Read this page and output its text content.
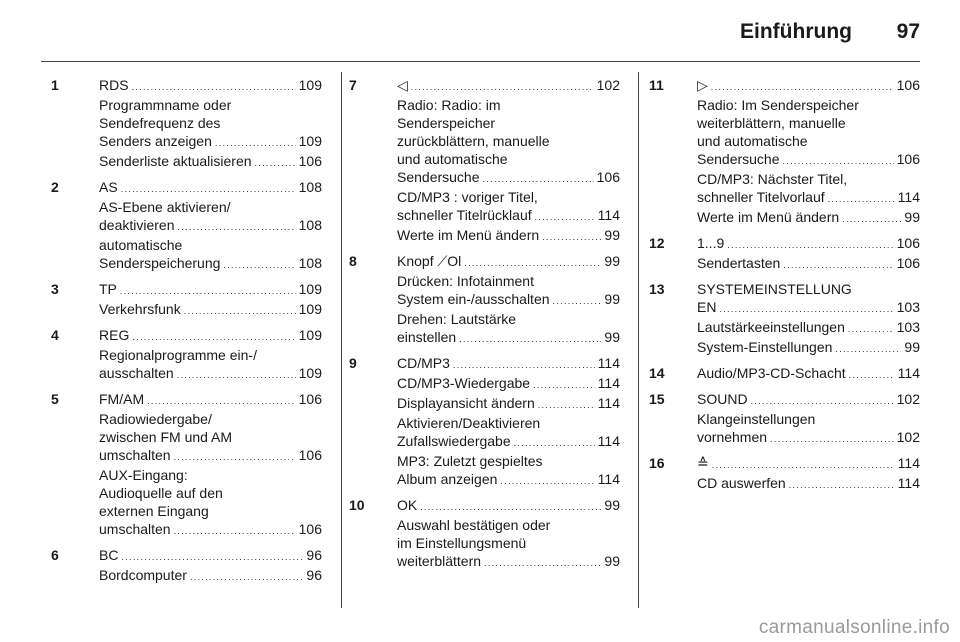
Einführung	97
1	RDS . . .	109
Programmname oder
Sendefrequenz des
Senders anzeigen . . .	109
Senderliste aktualisieren . . .	106
2	AS . . .	108
AS-Ebene aktivieren/
deaktivieren . . .	108
automatische
Senderspeicherung . . .	108
3	TP . . .	109
Verkehrsfunk . . .	109
4	REG . . .	109
Regionalprogramme ein-/
ausschalten . . .	109
5	FM/AM . . .	106
Radiowiedergabe/
zwischen FM und AM
umschalten . . .	106
AUX-Eingang:
Audioquelle auf den
externen Eingang
umschalten . . .	106
6	BC . . .	96
Bordcomputer . . .	96
7	◁ . . .	102
Radio: Radio: im
Senderspeicher
zurückblättern, manuelle
und automatische
Sendersuche . . .	106
CD/MP3 : voriger Titel,
schneller Titelrücklauf . . .	114
Werte im Menü ändern . . .	99
8	Knopf ⟋Ol . . .	99
Drücken: Infotainment
System ein-/ausschalten . . .	99
Drehen: Lautstärke
einstellen . . .	99
9	CD/MP3 . . .	114
CD/MP3-Wiedergabe . . .	114
Displayansicht ändern . . .	114
Aktivieren/Deaktivieren
Zufallswiedergabe . . .	114
MP3: Zuletzt gespieltes
Album anzeigen . . .	114
10	OK . . .	99
Auswahl bestätigen oder
im Einstellungsmenü
weiterblättern . . .	99
11	▷ . . .	106
Radio: Im Senderspeicher
weiterblättern, manuelle
und automatische
Sendersuche . . .	106
CD/MP3: Nächster Titel,
schneller Titelvorlauf . . .	114
Werte im Menü ändern . . .	99
12	1...9 . . .	106
Sendertasten . . .	106
13	SYSTEMEINSTELLUNG
EN . . .	103
Lautstärkeeinstellungen . . .	103
System-Einstellungen . . .	99
14	Audio/MP3-CD-Schacht . . .	114
15	SOUND . . .	102
Klangeinstellungen
vornehmen . . .	102
16	≙ . . .	114
CD auswerfen . . .	114
carmanualsonline.info
